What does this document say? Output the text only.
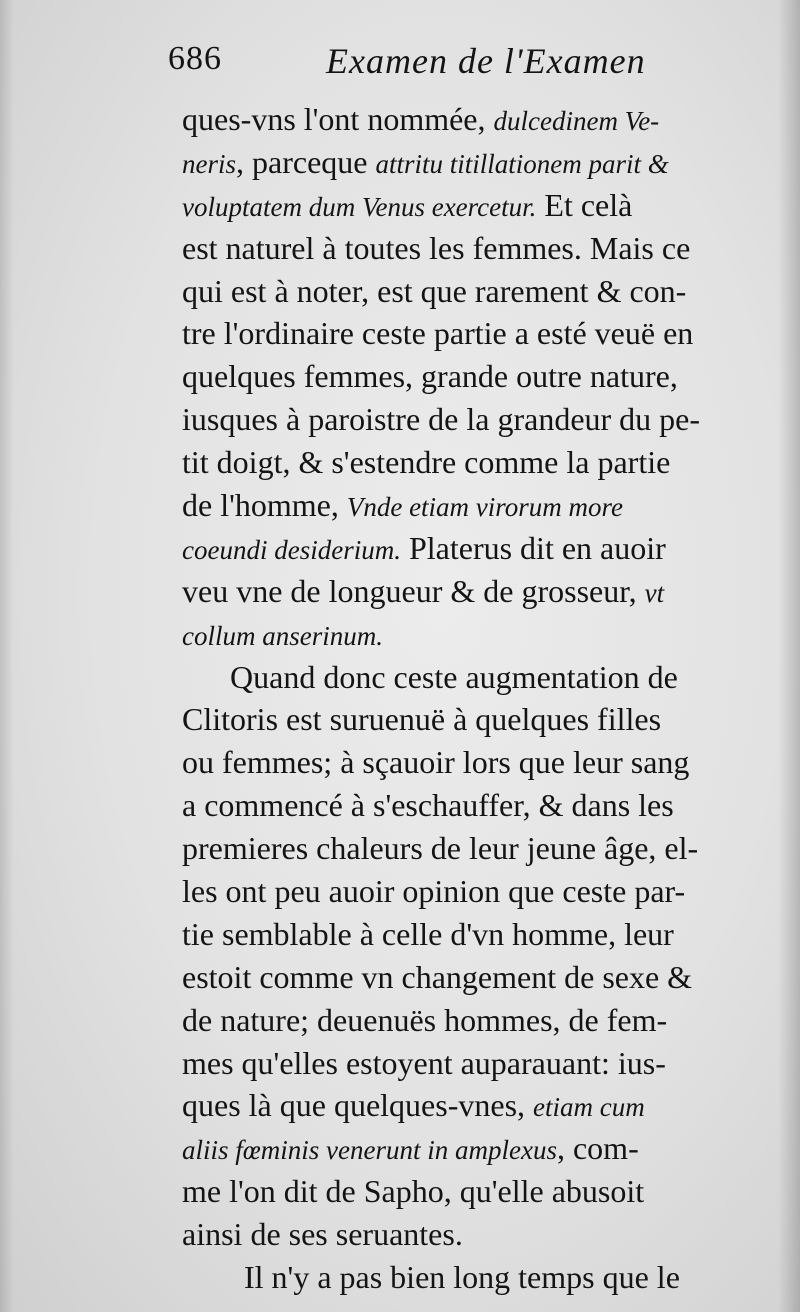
686	Examen de l'Examen
ques-vns l'ont nommée, dulcedinem Ve-
neris, parceque attritu titillationem parit &
voluptatem dum Venus exercetur. Et celà
est naturel à toutes les femmes. Mais ce
qui est à noter, est que rarement & con-
tre l'ordinaire ceste partie a esté veuë en
quelques femmes, grande outre nature,
iusques à paroistre de la grandeur du pe-
tit doigt, & s'estendre comme la partie
de l'homme, Vnde etiam virorum more
coeundi desiderium. Platerus dit en auoir
veu vne de longueur & de grosseur, vt
collum anserinum.
Quand donc ceste augmentation de
Clitoris est suruenuë à quelques filles
ou femmes; à sçauoir lors que leur sang
a commencé à s'eschauffer, & dans les
premieres chaleurs de leur jeune âge, el-
les ont peu auoir opinion que ceste par-
tie semblable à celle d'vn homme, leur
estoit comme vn changement de sexe &
de nature; deuenuës hommes, de fem-
mes qu'elles estoyent auparauant: ius-
ques là que quelques-vnes, etiam cum
aliis fœminis venerunt in amplexus, com-
me l'on dit de Sapho, qu'elle abusoit
ainsi de ses seruantes.
Il n'y a pas bien long temps que le
